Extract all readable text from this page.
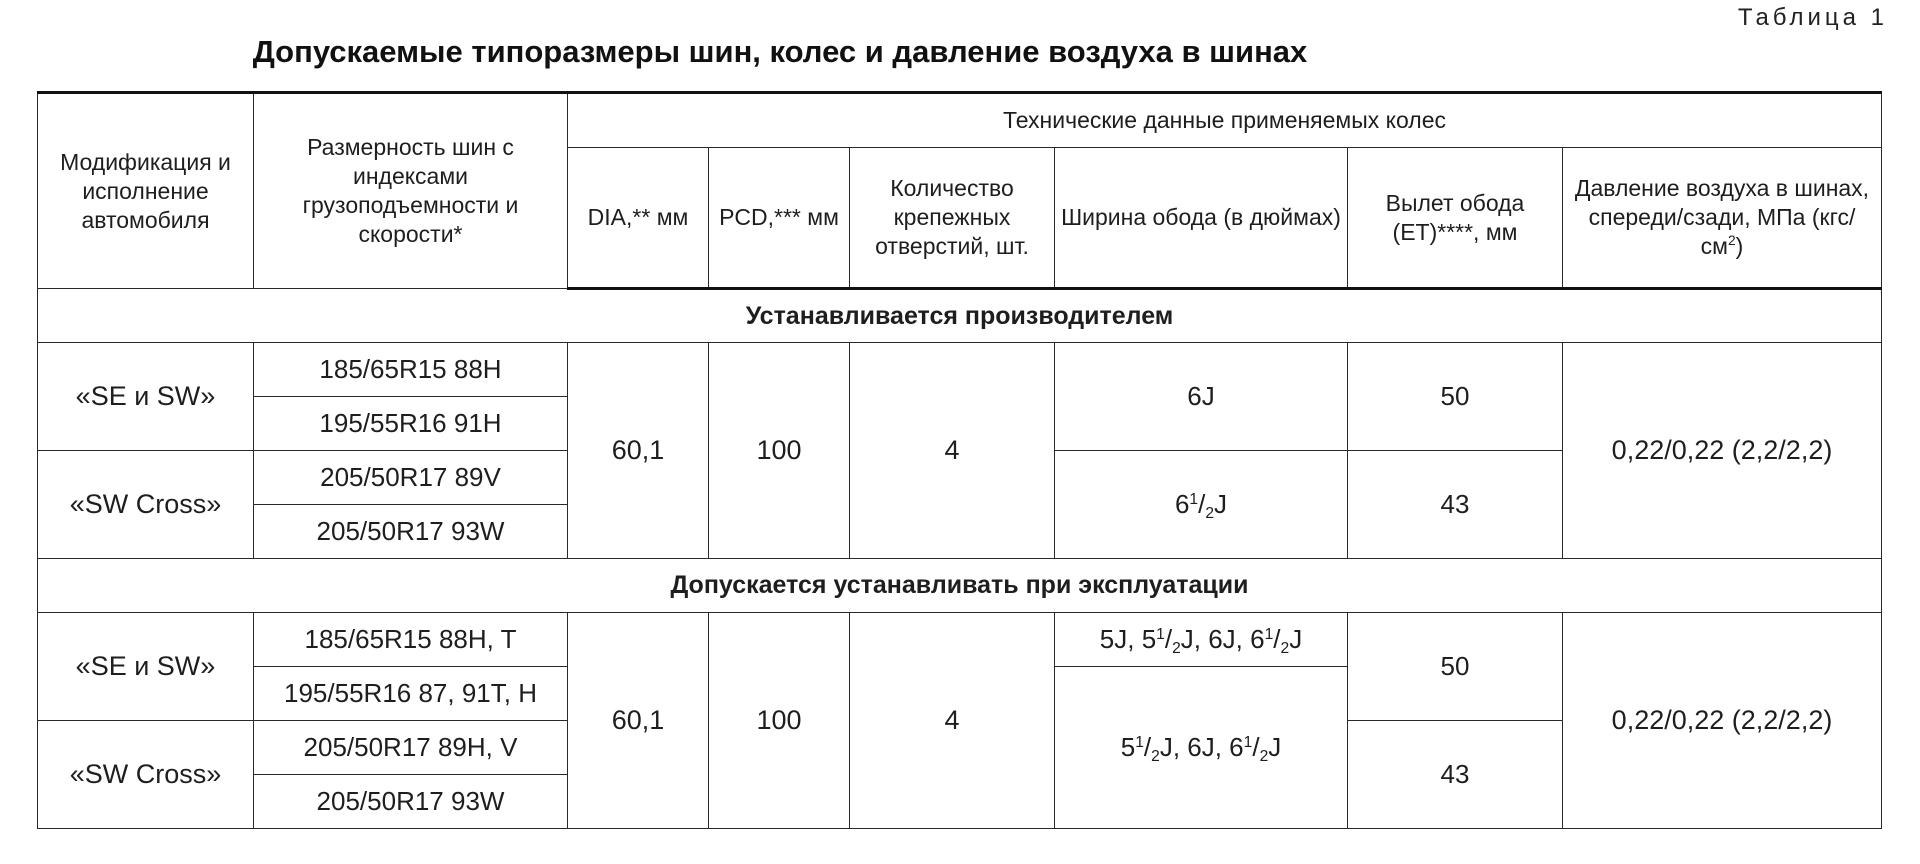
Таблица 1
Допускаемые типоразмеры шин, колес и давление воздуха в шинах
Модификация и исполнение автомобиля	Размерность шин с индексами грузоподъемности и скорости*	Технические данные применяемых колес					
		DIA,** мм	PCD,*** мм	Количество крепежных отверстий, шт.	Ширина обода (в дюймах)	Вылет обода (ET)****, мм	Давление воздуха в шинах, спереди/сзади, МПа $(кгс/см^2)$
Устанавливается производителем							
«SE и SW»	185/65R15 88H	60,1	100	4	6J	50	0,22/0,22 (2,2/2,2)
	195/55R16 91H						
«SW Cross»	205/50R17 89V				$6^1/_2J$	43	
	205/50R17 93W						
Допускается устанавливать при эксплуатации							
«SE и SW»	185/65R15 88H, T	60,1	100	4	5J, $5^1/_2J$, 6J, $6^1/_2J$	50	0,22/0,22 (2,2/2,2)
	195/55R16 87, 91T, H				$5^1/_2J$, 6J, $6^1/_2J$		
«SW Cross»	205/50R17 89H, V					43	
	205/50R17 93W						
